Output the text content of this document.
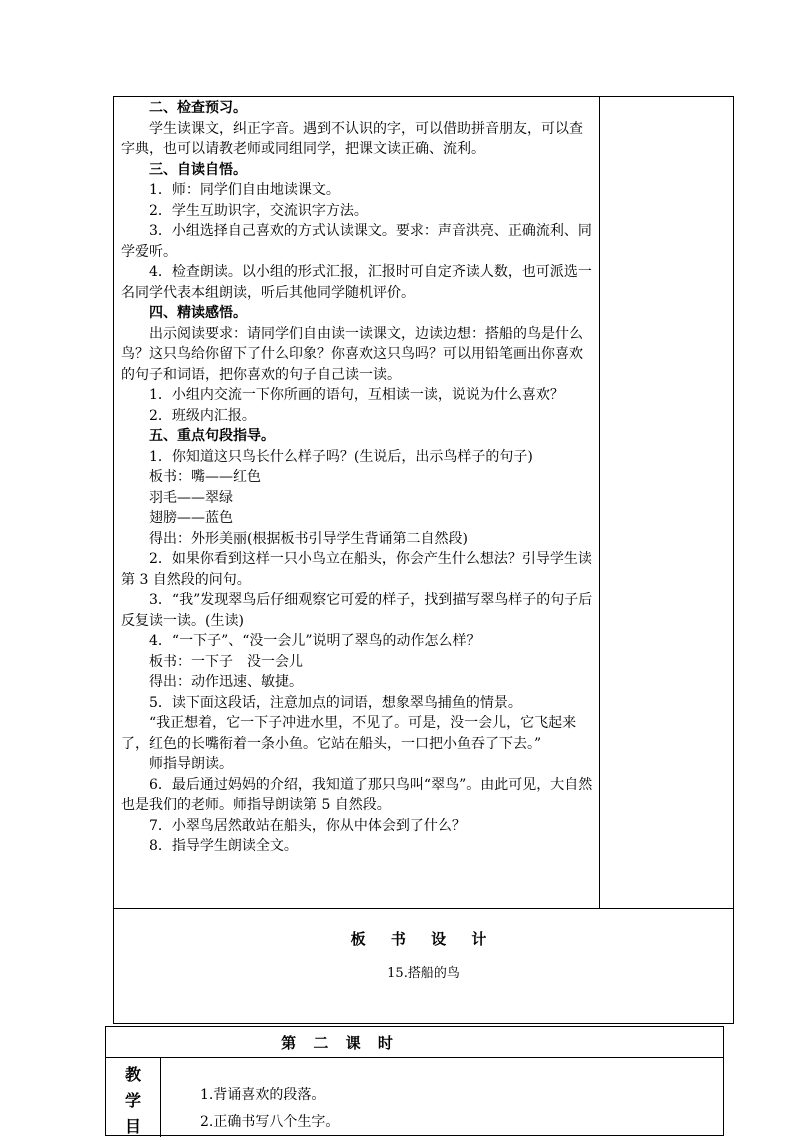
二、检查预习。

学生读课文，纠正字音。遇到不认识的字，可以借助拼音朋友，可以查字典，也可以请教老师或同组同学，把课文读正确、流利。

三、自读自悟。

1．师：同学们自由地读课文。

2．学生互助识字，交流识字方法。

3．小组选择自己喜欢的方式认读课文。要求：声音洪亮、正确流利、同学爱听。

4．检查朗读。以小组的形式汇报，汇报时可自定齐读人数，也可派选一名同学代表本组朗读，听后其他同学随机评价。

四、精读感悟。

出示阅读要求：请同学们自由读一读课文，边读边想：搭船的鸟是什么鸟？这只鸟给你留下了什么印象？你喜欢这只鸟吗？可以用铅笔画出你喜欢的句子和词语，把你喜欢的句子自己读一读。

1．小组内交流一下你所画的语句，互相读一读，说说为什么喜欢？

2．班级内汇报。

五、重点句段指导。

1．你知道这只鸟长什么样子吗？(生说后，出示鸟样子的句子)

板书：嘴——红色

羽毛——翠绿

翅膀——蓝色

得出：外形美丽(根据板书引导学生背诵第二自然段)

2．如果你看到这样一只小鸟立在船头，你会产生什么想法？引导学生读第 3 自然段的问句。

3．“我”发现翠鸟后仔细观察它可爱的样子，找到描写翠鸟样子的句子后反复读一读。(生读)

4．“一下子”、“没一会儿”说明了翠鸟的动作怎么样？

板书：一下子　没一会儿

得出：动作迅速、敏捷。

5．读下面这段话，注意加点的词语，想象翠鸟捕鱼的情景。

“我正想着，它一下子冲进水里，不见了。可是，没一会儿，它飞起来了，红色的长嘴衔着一条小鱼。它站在船头，一口把小鱼吞了下去。”

师指导朗读。

6．最后通过妈妈的介绍，我知道了那只鸟叫“翠鸟”。由此可见，大自然也是我们的老师。师指导朗读第 5 自然段。

7．小翠鸟居然敢站在船头，你从中体会到了什么？

8．指导学生朗读全文。

板 书 设 计
15.搭船的鸟
第 二 课 时
教
学
目

1.背诵喜欢的段落。

2.正确书写八个生字。
